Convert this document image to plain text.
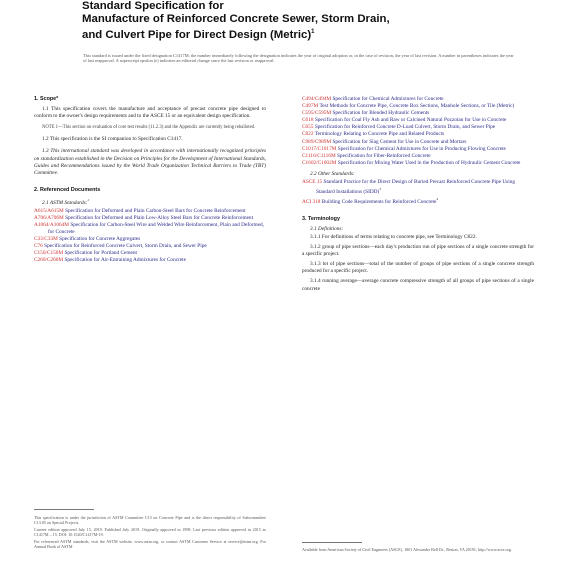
Standard Specification for
Manufacture of Reinforced Concrete Sewer, Storm Drain,
and Culvert Pipe for Direct Design (Metric)$^1$
This standard is issued under the fixed designation C1417M; the number immediately following the designation indicates the year of original adoption or, in the case of revision, the year of last revision. A number in parentheses indicates the year of last reapproval. A superscript epsilon (ε) indicates an editorial change since the last revision or reapproval.
1. Scope*
1.1 This specification covers the manufacture and acceptance of precast concrete pipe designed to conform to the owner's design requirements and to the ASCE 15 or an equivalent design specification.
NOTE 1—This section on evaluation of core test results (11.2.3) and the Appendix are currently being reballoted.
1.2 This specification is the SI companion to Specification C1417.
1.3 This international standard was developed in accordance with internationally recognized principles on standardization established in the Decision on Principles for the Development of International Standards, Guides and Recommendations issued by the World Trade Organization Technical Barriers to Trade (TBT) Committee.
2. Referenced Documents
2.1 ASTM Standards:$^2$
A615/A615M Specification for Deformed and Plain Carbon-Steel Bars for Concrete Reinforcement
A706/A706M Specification for Deformed and Plain Low-Alloy Steel Bars for Concrete Reinforcement
A1064/A1064M Specification for Carbon-Steel Wire and Welded Wire Reinforcement, Plain and Deformed, for Concrete
C33/C33M Specification for Concrete Aggregates
C76 Specification for Reinforced Concrete Culvert, Storm Drain, and Sewer Pipe
C150/C150M Specification for Portland Cement
C260/C260M Specification for Air-Entraining Admixtures for Concrete
This specification is under the jurisdiction of ASTM Committee C13 on Concrete Pipe and is the direct responsibility of Subcommittee C13.05 on Special Projects.
Current edition approved July 15, 2019. Published July 2019. Originally approved in 1998. Last previous edition approved in 2015 as C1417M – 15. DOI: 10.1520/C1417M-19.
For referenced ASTM standards, visit the ASTM website, www.astm.org, or contact ASTM Customer Service at service@astm.org. For Annual Book of ASTM
C494/C494M Specification for Chemical Admixtures for Concrete
C497M Test Methods for Concrete Pipe, Concrete Box Sections, Manhole Sections, or Tile (Metric)
C595/C595M Specification for Blended Hydraulic Cements
C618 Specification for Coal Fly Ash and Raw or Calcined Natural Pozzolan for Use in Concrete
C655 Specification for Reinforced Concrete D-Load Culvert, Storm Drain, and Sewer Pipe
C822 Terminology Relating to Concrete Pipe and Related Products
C989/C989M Specification for Slag Cement for Use in Concrete and Mortars
C1017/C1017M Specification for Chemical Admixtures for Use in Producing Flowing Concrete
C1116/C1116M Specification for Fiber-Reinforced Concrete
C1602/C1602M Specification for Mixing Water Used in the Production of Hydraulic Cement Concrete
2.2 Other Standards:
ASCE 15 Standard Practice for the Direct Design of Buried Precast Reinforced Concrete Pipe Using Standard Installations (SIDD)$^3$
ACI 318 Building Code Requirements for Reinforced Concrete$^4$
3. Terminology
3.1 Definitions:
3.1.1 For definitions of terms relating to concrete pipe, see Terminology C822.
3.1.2 group of pipe sections—each day's production run of pipe sections of a single concrete strength for a specific project.
3.1.3 lot of pipe sections—total of the number of groups of pipe sections of a single concrete strength produced for a specific project.
3.1.4 running average—average concrete compressive strength of all groups of pipe sections of a single concrete
Available from American Society of Civil Engineers (ASCE), 1801 Alexander Bell Dr., Reston, VA 20191, http://www.asce.org.
